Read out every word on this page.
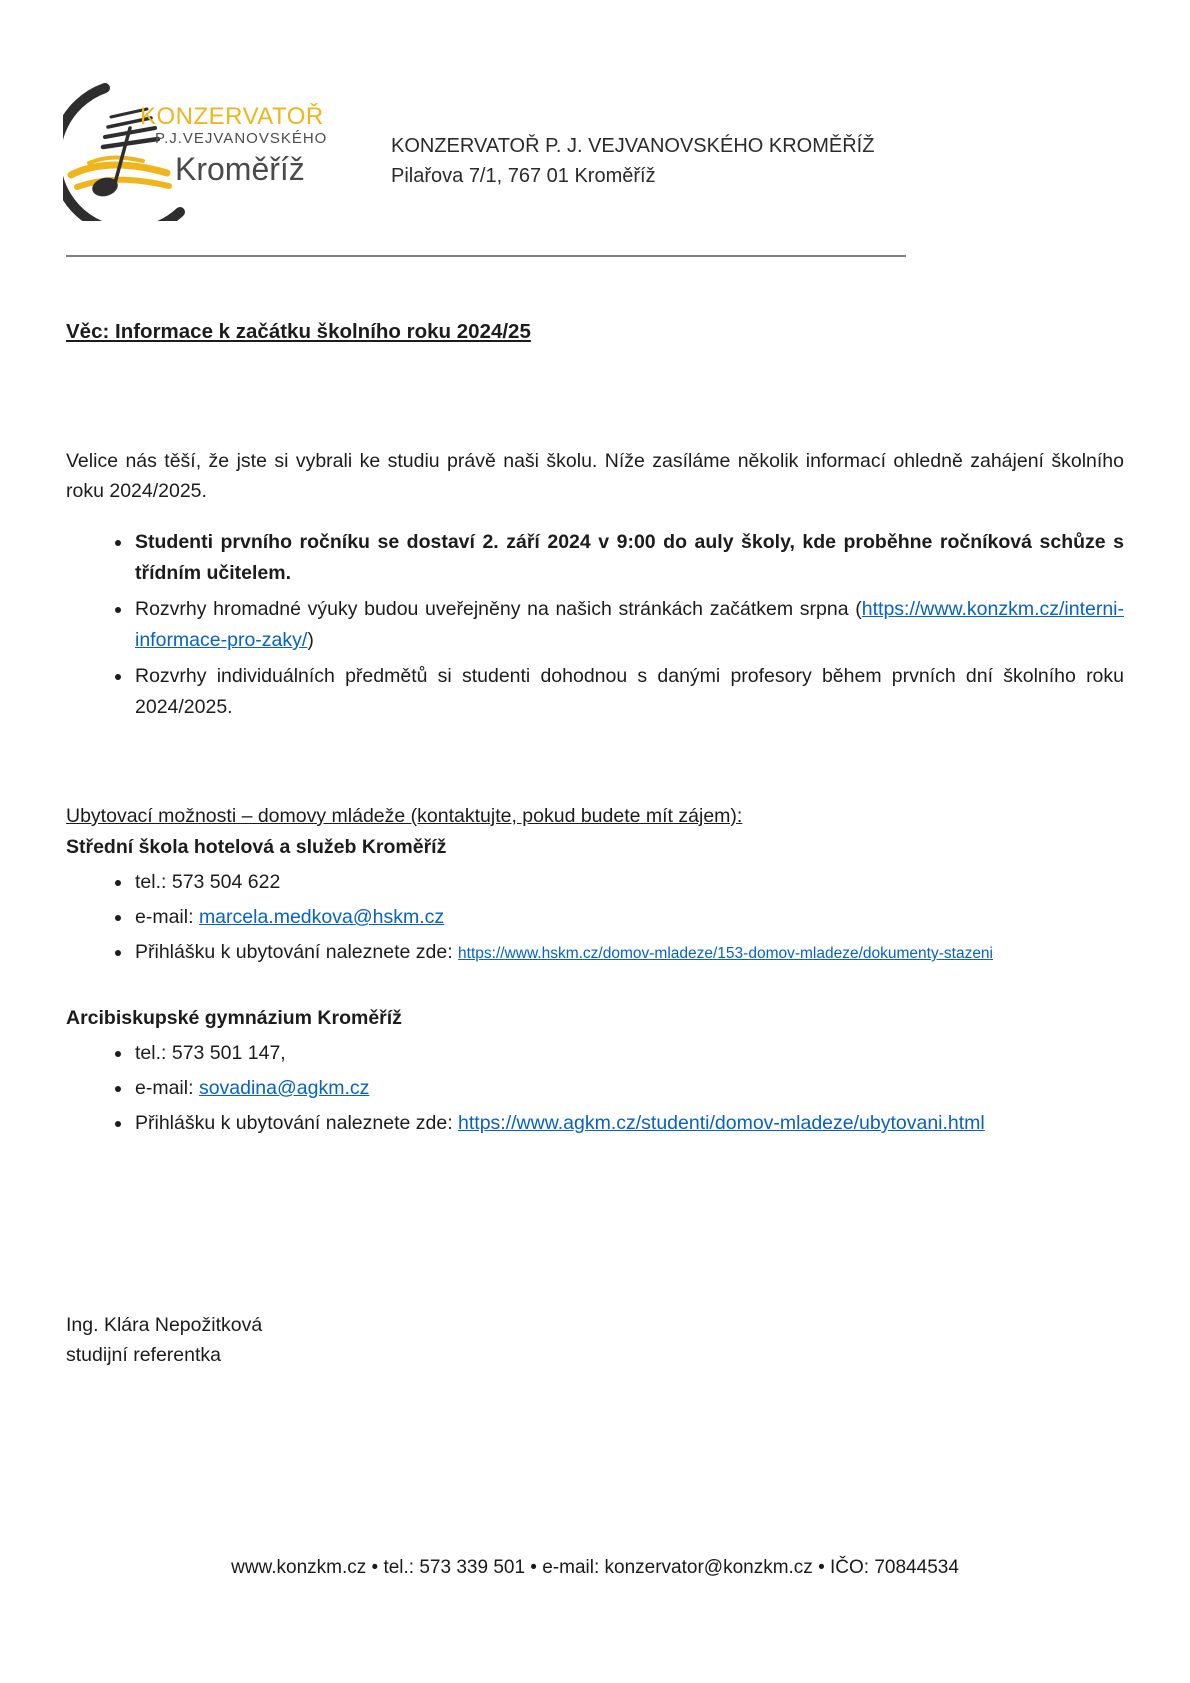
KONZERVATOŘ
P.J.VEJVANOVSKÉHO
Kroměříž
KONZERVATOŘ P. J. VEJVANOVSKÉHO KROMĚŘÍŽ
Pilařova 7/1, 767 01 Kroměříž
Věc: Informace k začátku školního roku 2024/25

Velice nás těší, že jste si vybrali ke studiu právě naši školu. Níže zasíláme několik informací ohledně zahájení školního roku 2024/2025.

• Studenti prvního ročníku se dostaví 2. září 2024 v 9:00 do auly školy, kde proběhne ročníková schůze s třídním učitelem.
• Rozvrhy hromadné výuky budou uveřejněny na našich stránkách začátkem srpna (https://www.konzkm.cz/interni-informace-pro-zaky/)
• Rozvrhy individuálních předmětů si studenti dohodnou s danými profesory během prvních dní školního roku 2024/2025.
Ubytovací možnosti – domovy mládeže (kontaktujte, pokud budete mít zájem):
Střední škola hotelová a služeb Kroměříž
• tel.: 573 504 622
• e-mail: marcela.medkova@hskm.cz
• Přihlášku k ubytování naleznete zde: https://www.hskm.cz/domov-mladeze/153-domov-mladeze/dokumenty-stazeni
Arcibiskupské gymnázium Kroměříž
• tel.: 573 501 147,
• e-mail: sovadina@agkm.cz
• Přihlášku k ubytování naleznete zde: https://www.agkm.cz/studenti/domov-mladeze/ubytovani.html
Ing. Klára Nepožitková
studijní referentka
www.konzkm.cz • tel.: 573 339 501 • e-mail: konzervator@konzkm.cz • IČO: 70844534
